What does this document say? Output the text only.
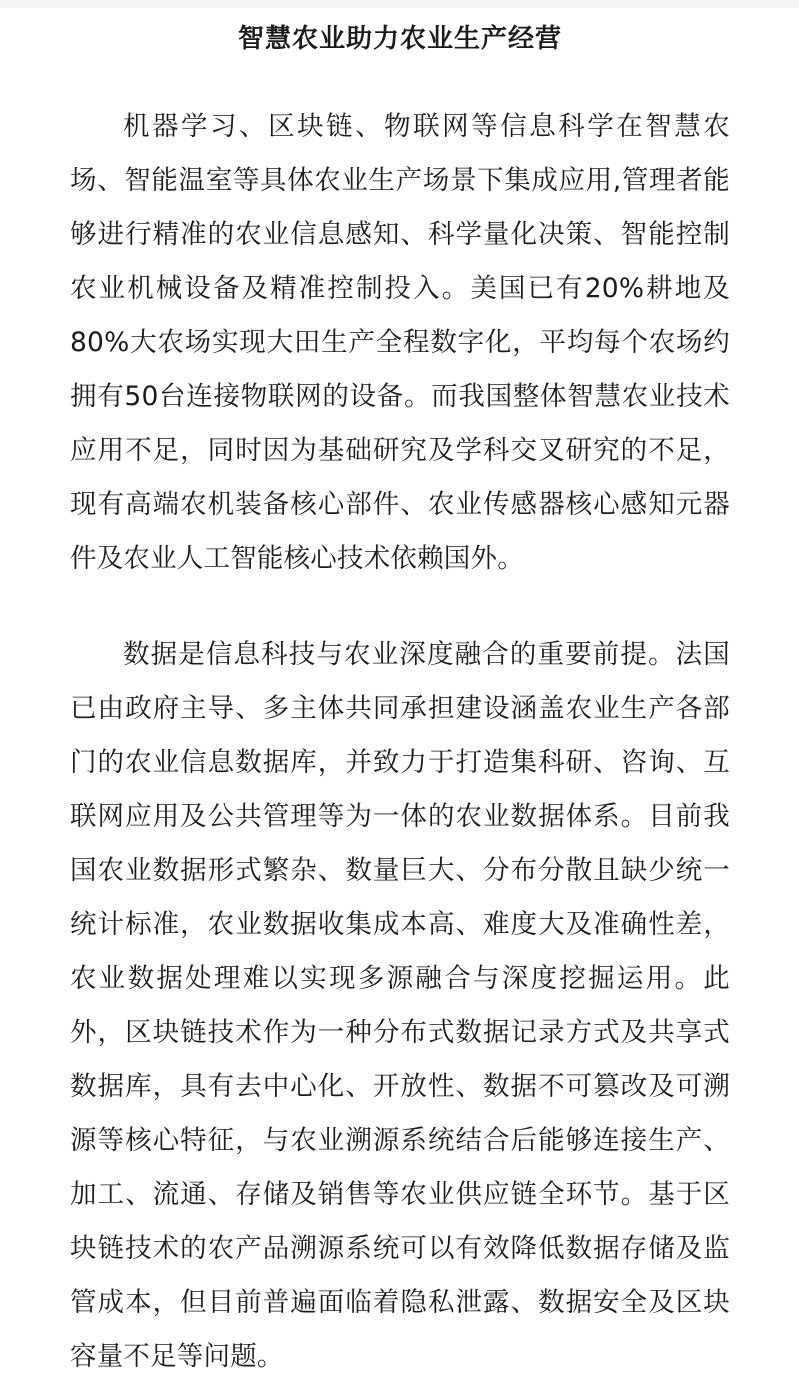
智慧农业助力农业生产经营

机器学习、区块链、物联网等信息科学在智慧农场、智能温室等具体农业生产场景下集成应用,管理者能够进行精准的农业信息感知、科学量化决策、智能控制农业机械设备及精准控制投入。美国已有20%耕地及80%大农场实现大田生产全程数字化，平均每个农场约拥有50台连接物联网的设备。而我国整体智慧农业技术应用不足，同时因为基础研究及学科交叉研究的不足，现有高端农机装备核心部件、农业传感器核心感知元器件及农业人工智能核心技术依赖国外。

数据是信息科技与农业深度融合的重要前提。法国已由政府主导、多主体共同承担建设涵盖农业生产各部门的农业信息数据库，并致力于打造集科研、咨询、互联网应用及公共管理等为一体的农业数据体系。目前我国农业数据形式繁杂、数量巨大、分布分散且缺少统一统计标准，农业数据收集成本高、难度大及准确性差，农业数据处理难以实现多源融合与深度挖掘运用。此外，区块链技术作为一种分布式数据记录方式及共享式数据库，具有去中心化、开放性、数据不可篡改及可溯源等核心特征，与农业溯源系统结合后能够连接生产、加工、流通、存储及销售等农业供应链全环节。基于区块链技术的农产品溯源系统可以有效降低数据存储及监管成本，但目前普遍面临着隐私泄露、数据安全及区块容量不足等问题。
